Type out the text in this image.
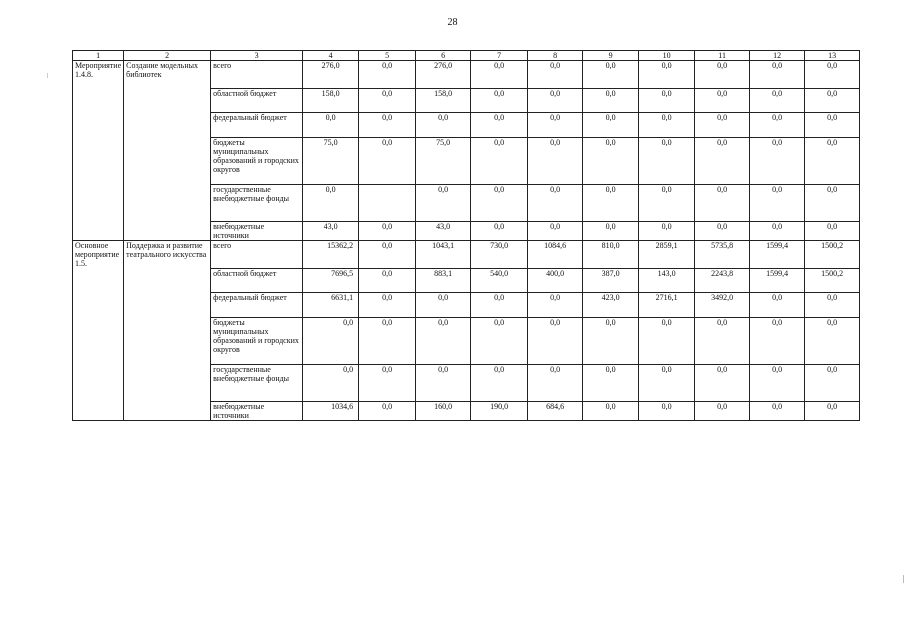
28
1	2	3	4	5	6	7	8	9	10	11	12	13
Мероприятие 1.4.8.	Создание модельных библиотек	всего	276,0	0,0	276,0	0,0	0,0	0,0	0,0	0,0	0,0	0,0
		областной бюджет	158,0	0,0	158,0	0,0	0,0	0,0	0,0	0,0	0,0	0,0
		федеральный бюджет	0,0	0,0	0,0	0,0	0,0	0,0	0,0	0,0	0,0	0,0
		бюджеты муниципальных образований и городских округов	75,0	0,0	75,0	0,0	0,0	0,0	0,0	0,0	0,0	0,0
		государственные внебюджетные фонды	0,0		0,0	0,0	0,0	0,0	0,0	0,0	0,0	0,0
		внебюджетные источники	43,0	0,0	43,0	0,0	0,0	0,0	0,0	0,0	0,0	0,0
Основное мероприятие 1.5.	Поддержка и развитие театрального искусства	всего	15362,2	0,0	1043,1	730,0	1084,6	810,0	2859,1	5735,8	1599,4	1500,2
		областной бюджет	7696,5	0,0	883,1	540,0	400,0	387,0	143,0	2243,8	1599,4	1500,2
		федеральный бюджет	6631,1	0,0	0,0	0,0	0,0	423,0	2716,1	3492,0	0,0	0,0
		бюджеты муниципальных образований и городских округов	0,0	0,0	0,0	0,0	0,0	0,0	0,0	0,0	0,0	0,0
		государственные внебюджетные фонды	0,0	0,0	0,0	0,0	0,0	0,0	0,0	0,0	0,0	0,0
		внебюджетные источники	1034,6	0,0	160,0	190,0	684,6	0,0	0,0	0,0	0,0	0,0
